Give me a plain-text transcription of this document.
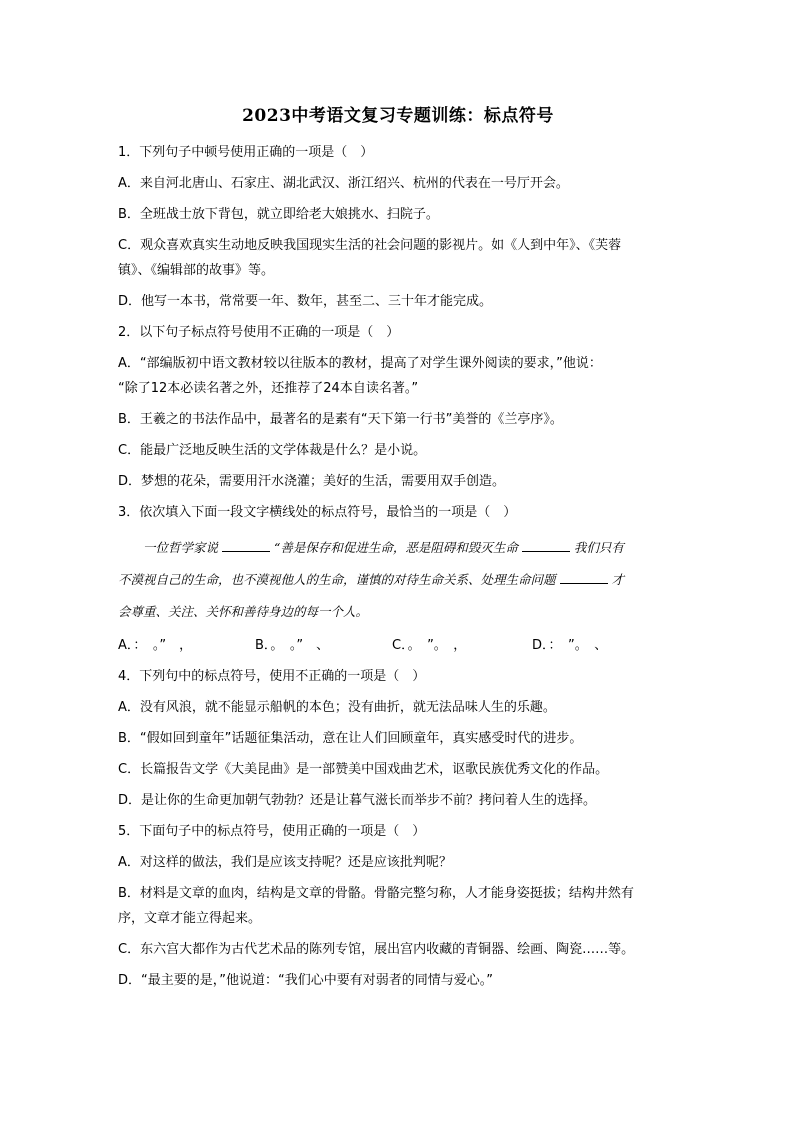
2023中考语文复习专题训练：标点符号

1．下列句子中顿号使用正确的一项是（　）

A．来自河北唐山、石家庄、湖北武汉、浙江绍兴、杭州的代表在一号厅开会。

B．全班战士放下背包，就立即给老大娘挑水、扫院子。

C．观众喜欢真实生动地反映我国现实生活的社会问题的影视片。如《人到中年》、《芙蓉

镇》、《编辑部的故事》等。

D．他写一本书，常常要一年、数年，甚至二、三十年才能完成。

2．以下句子标点符号使用不正确的一项是（　）

A．“部编版初中语文教材较以往版本的教材，提高了对学生课外阅读的要求，”他说：

“除了12本必读名著之外，还推荐了24本自读名著。”

B．王羲之的书法作品中，最著名的是素有“天下第一行书”美誉的《兰亭序》。

C．能最广泛地反映生活的文学体裁是什么？是小说。

D．梦想的花朵，需要用汗水浇灌；美好的生活，需要用双手创造。

3．依次填入下面一段文字横线处的标点符号，最恰当的一项是（　）

一位哲学家说	“善是保存和促进生命，恶是阻碍和毁灭生命	我们只有

不漠视自己的生命，也不漠视他人的生命，谨慎的对待生命关系、处理生命问题	才

会尊重、关注、关怀和善待身边的每一个人。

A．：　。”　，	B．。　。”　、	C．。　”。　，	D．：　”。　、

4．下列句中的标点符号，使用不正确的一项是（　）

A．没有风浪，就不能显示船帆的本色；没有曲折，就无法品味人生的乐趣。

B．“假如回到童年”话题征集活动，意在让人们回顾童年，真实感受时代的进步。

C．长篇报告文学《大美昆曲》是一部赞美中国戏曲艺术，讴歌民族优秀文化的作品。

D．是让你的生命更加朝气勃勃？还是让暮气滋长而举步不前？拷问着人生的选择。

5．下面句子中的标点符号，使用正确的一项是（　）

A．对这样的做法，我们是应该支持呢？还是应该批判呢？

B．材料是文章的血肉，结构是文章的骨骼。骨骼完整匀称，人才能身姿挺拔；结构井然有

序，文章才能立得起来。

C．东六宫大都作为古代艺术品的陈列专馆，展出宫内收藏的青铜器、绘画、陶瓷……等。

D．“最主要的是，”他说道：“我们心中要有对弱者的同情与爱心。”
